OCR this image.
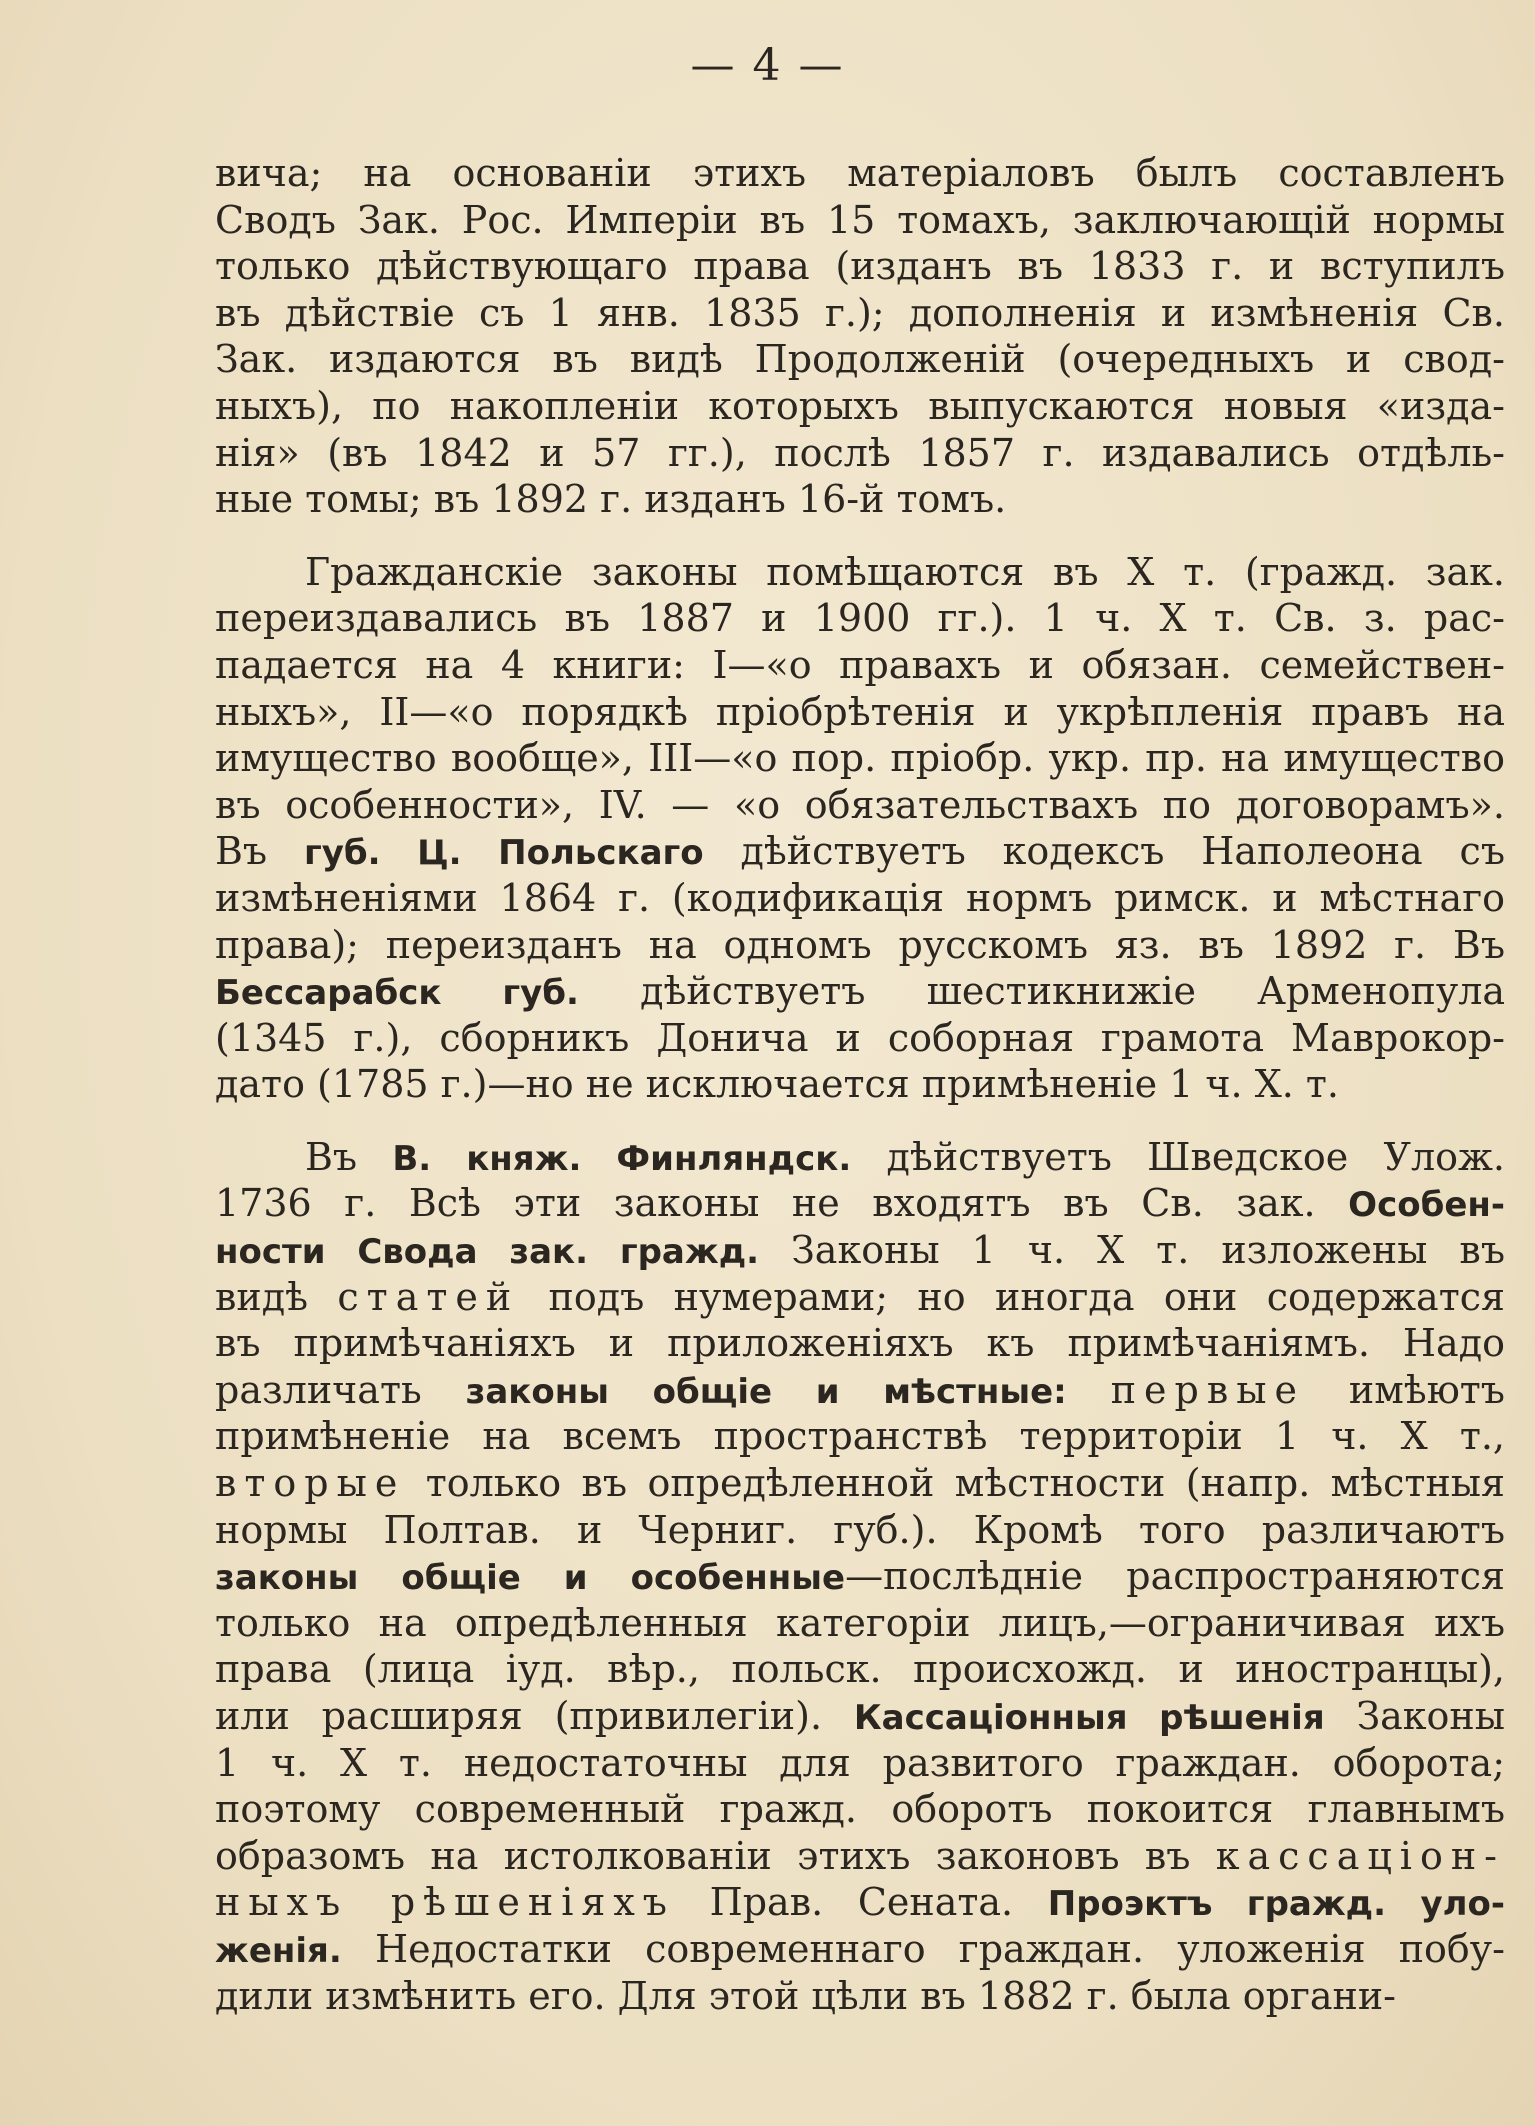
— 4 —
вичa; на основаніи этихъ матеріаловъ былъ составленъ
Сводъ Зак. Рос. Имперіи въ 15 томахъ, заключающій нормы
только дѣйствующаго права (изданъ въ 1833 г. и вступилъ
въ дѣйствіе съ 1 янв. 1835 г.); дополненія и измѣненія Св.
Зак. издаются въ видѣ Продолженій (очередныхъ и свод-
ныхъ), по накопленіи которыхъ выпускаются новыя «изда-
нія» (въ 1842 и 57 гг.), послѣ 1857 г. издавались отдѣль-
ные томы; въ 1892 г. изданъ 16-й томъ.
Гражданскіе законы помѣщаются въ X т. (гражд. зак.
переиздавались въ 1887 и 1900 гг.). 1 ч. X т. Св. з. рас-
падается на 4 книги: I—«о правахъ и обязан. семействен-
ныхъ», II—«о порядкѣ пріобрѣтенія и укрѣпленія правъ на
имущество вообще», III—«о пор. пріобр. укр. пр. на имущество
въ особенности», IV. — «о обязательствахъ по договорамъ».
Въ губ. Ц. Польскаго дѣйствуетъ кодексъ Наполеона съ
измѣненіями 1864 г. (кодификація нормъ римск. и мѣстнаго
права); переизданъ на одномъ русскомъ яз. въ 1892 г. Въ
Бессарабск губ. дѣйствуетъ шестикнижіе Арменопула
(1345 г.), сборникъ Донича и соборная грамота Маврокор-
дато (1785 г.)—но не исключается примѣненіе 1 ч. X. т.
Въ В. княж. Финляндск. дѣйствуетъ Шведское Улож.
1736 г. Всѣ эти законы не входятъ въ Св. зак. Особен-
ности Свода зак. гражд. Законы 1 ч. X т. изложены въ
видѣ статей подъ нумерами; но иногда они содержатся
въ примѣчаніяхъ и приложеніяхъ къ примѣчаніямъ. Надо
различать законы общіе и мѣстные: первые имѣютъ
примѣненіе на всемъ пространствѣ территоріи 1 ч. X т.,
вторые только въ опредѣленной мѣстности (напр. мѣстныя
нормы Полтав. и Черниг. губ.). Кромѣ того различаютъ
законы общіе и особенные—послѣдніе распространяются
только на опредѣленныя категоріи лицъ,—ограничивая ихъ
права (лица іуд. вѣр., польск. происхожд. и иностранцы),
или расширяя (привилегіи). Кассаціонныя рѣшенія Законы
1 ч. X т. недостаточны для развитого граждан. оборота;
поэтому современный гражд. оборотъ покоится главнымъ
образомъ на истолкованіи этихъ законовъ въ кассаціон-
ныхъ рѣшеніяхъ Прав. Сената. Проэктъ гражд. уло-
женія. Недостатки современнаго граждан. уложенія побу-
дили измѣнить его. Для этой цѣли въ 1882 г. была органи-
